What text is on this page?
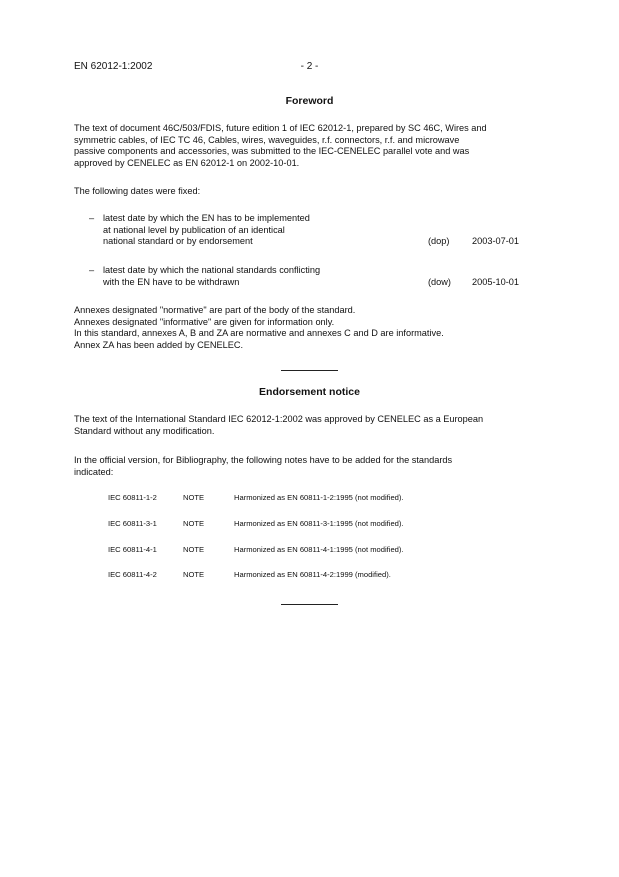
EN 62012-1:2002	- 2 -
Foreword
The text of document 46C/503/FDIS, future edition 1 of IEC 62012-1, prepared by SC 46C, Wires and
symmetric cables, of IEC TC 46, Cables, wires, waveguides, r.f. connectors, r.f. and microwave
passive components and accessories, was submitted to the IEC-CENELEC parallel vote and was
approved by CENELEC as EN 62012-1 on 2002-10-01.
The following dates were fixed:
– latest date by which the EN has to be implemented
at national level by publication of an identical
national standard or by endorsement	(dop) 2003-07-01
– latest date by which the national standards conflicting
with the EN have to be withdrawn	(dow) 2005-10-01
Annexes designated "normative" are part of the body of the standard.
Annexes designated "informative" are given for information only.
In this standard, annexes A, B and ZA are normative and annexes C and D are informative.
Annex ZA has been added by CENELEC.
Endorsement notice
The text of the International Standard IEC 62012-1:2002 was approved by CENELEC as a European
Standard without any modification.
In the official version, for Bibliography, the following notes have to be added for the standards
indicated:
IEC 60811-1-2	NOTE	Harmonized as EN 60811-1-2:1995 (not modified).
IEC 60811-3-1	NOTE	Harmonized as EN 60811-3-1:1995 (not modified).
IEC 60811-4-1	NOTE	Harmonized as EN 60811-4-1:1995 (not modified).
IEC 60811-4-2	NOTE	Harmonized as EN 60811-4-2:1999 (modified).
